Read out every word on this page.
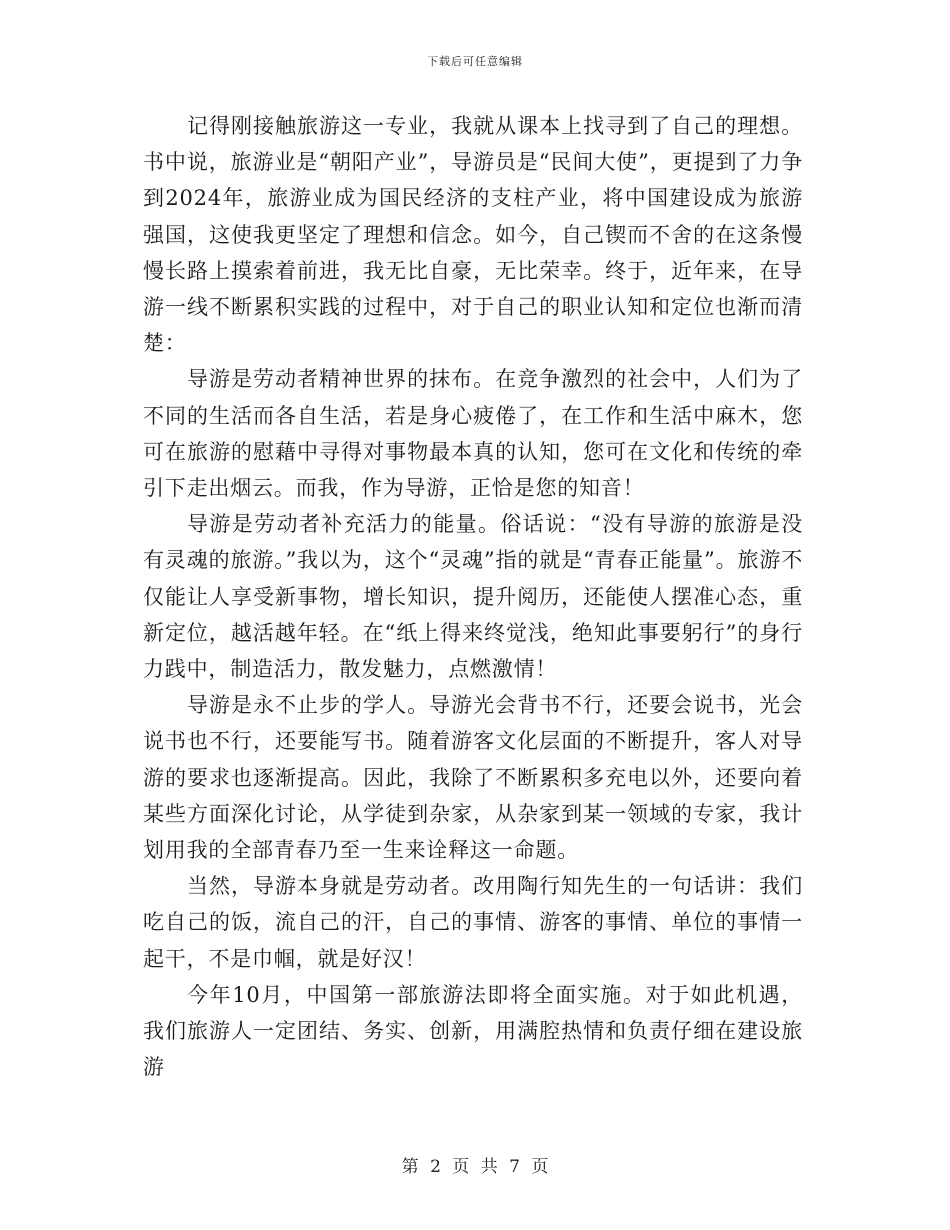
下载后可任意编辑

记得刚接触旅游这一专业，我就从课本上找寻到了自己的理想。书中说，旅游业是“朝阳产业”，导游员是“民间大使”，更提到了力争到2024年，旅游业成为国民经济的支柱产业，将中国建设成为旅游强国，这使我更坚定了理想和信念。如今，自己锲而不舍的在这条慢慢长路上摸索着前进，我无比自豪，无比荣幸。终于，近年来，在导游一线不断累积实践的过程中，对于自己的职业认知和定位也渐而清楚：

导游是劳动者精神世界的抹布。在竞争激烈的社会中，人们为了不同的生活而各自生活，若是身心疲倦了，在工作和生活中麻木，您可在旅游的慰藉中寻得对事物最本真的认知，您可在文化和传统的牵引下走出烟云。而我，作为导游，正恰是您的知音！

导游是劳动者补充活力的能量。俗话说：“没有导游的旅游是没有灵魂的旅游。”我以为，这个“灵魂”指的就是“青春正能量”。旅游不仅能让人享受新事物，增长知识，提升阅历，还能使人摆准心态，重新定位，越活越年轻。在“纸上得来终觉浅，绝知此事要躬行”的身行力践中，制造活力，散发魅力，点燃激情！

导游是永不止步的学人。导游光会背书不行，还要会说书，光会说书也不行，还要能写书。随着游客文化层面的不断提升，客人对导游的要求也逐渐提高。因此，我除了不断累积多充电以外，还要向着某些方面深化讨论，从学徒到杂家，从杂家到某一领域的专家，我计划用我的全部青春乃至一生来诠释这一命题。

当然，导游本身就是劳动者。改用陶行知先生的一句话讲：我们吃自己的饭，流自己的汗，自己的事情、游客的事情、单位的事情一起干，不是巾帼，就是好汉！

今年10月，中国第一部旅游法即将全面实施。对于如此机遇，我们旅游人一定团结、务实、创新，用满腔热情和负责仔细在建设旅游

第 2 页 共 7 页
